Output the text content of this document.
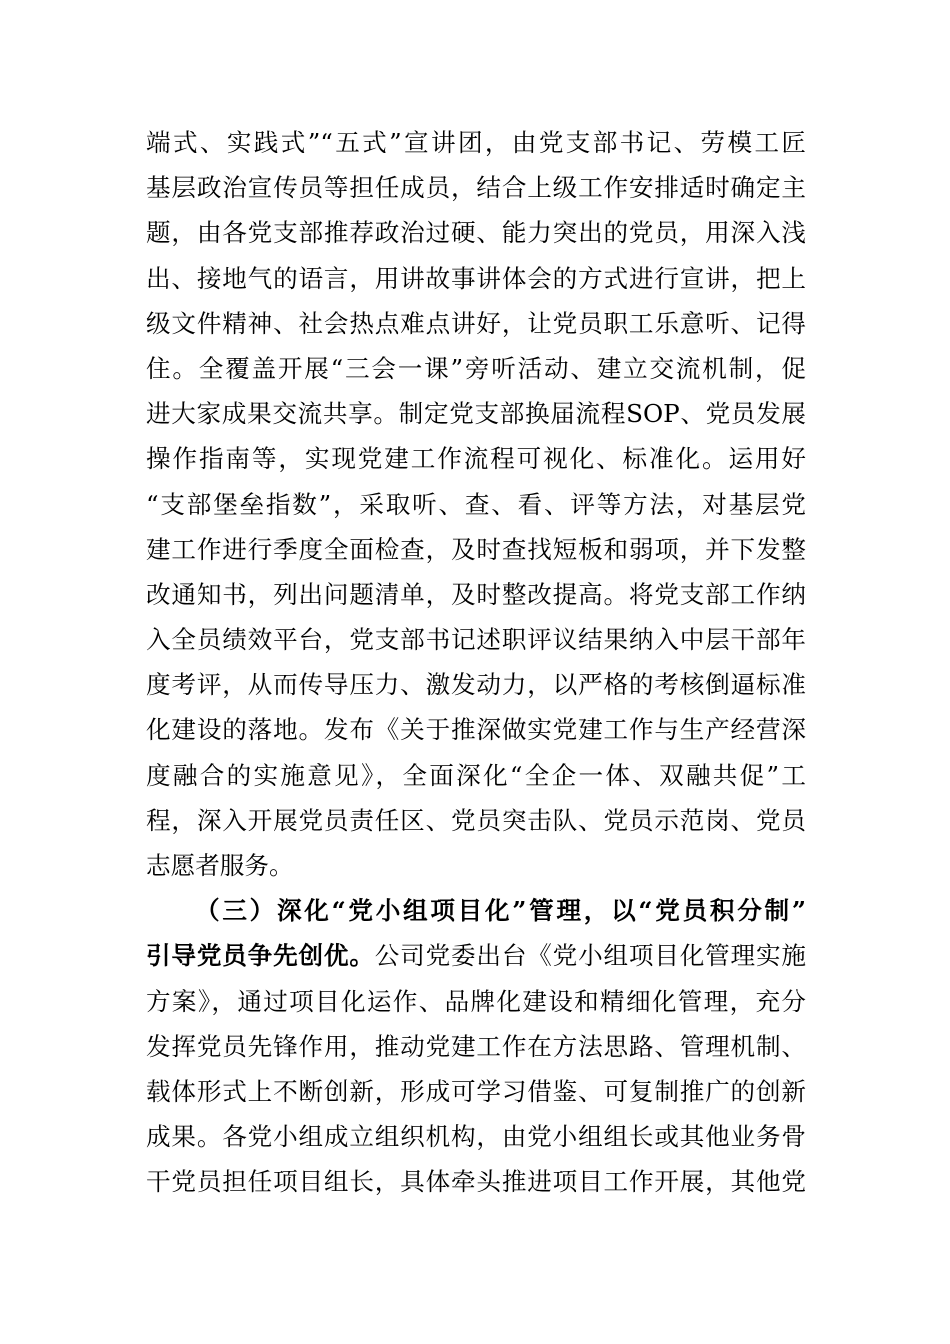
端式、实践式”“五式”宣讲团，由党支部书记、劳模工匠
基层政治宣传员等担任成员，结合上级工作安排适时确定主
题，由各党支部推荐政治过硬、能力突出的党员，用深入浅
出、接地气的语言，用讲故事讲体会的方式进行宣讲，把上
级文件精神、社会热点难点讲好，让党员职工乐意听、记得
住。全覆盖开展“三会一课”旁听活动、建立交流机制，促
进大家成果交流共享。制定党支部换届流程SOP、党员发展
操作指南等，实现党建工作流程可视化、标准化。运用好
“支部堡垒指数”，采取听、查、看、评等方法，对基层党
建工作进行季度全面检查，及时查找短板和弱项，并下发整
改通知书，列出问题清单，及时整改提高。将党支部工作纳
入全员绩效平台，党支部书记述职评议结果纳入中层干部年
度考评，从而传导压力、激发动力，以严格的考核倒逼标准
化建设的落地。发布《关于推深做实党建工作与生产经营深
度融合的实施意见》，全面深化“全企一体、双融共促”工
程，深入开展党员责任区、党员突击队、党员示范岗、党员
志愿者服务。
（三）深化“党小组项目化”管理，以“党员积分制”
引导党员争先创优。公司党委出台《党小组项目化管理实施
方案》，通过项目化运作、品牌化建设和精细化管理，充分
发挥党员先锋作用，推动党建工作在方法思路、管理机制、
载体形式上不断创新，形成可学习借鉴、可复制推广的创新
成果。各党小组成立组织机构，由党小组组长或其他业务骨
干党员担任项目组长，具体牵头推进项目工作开展，其他党
